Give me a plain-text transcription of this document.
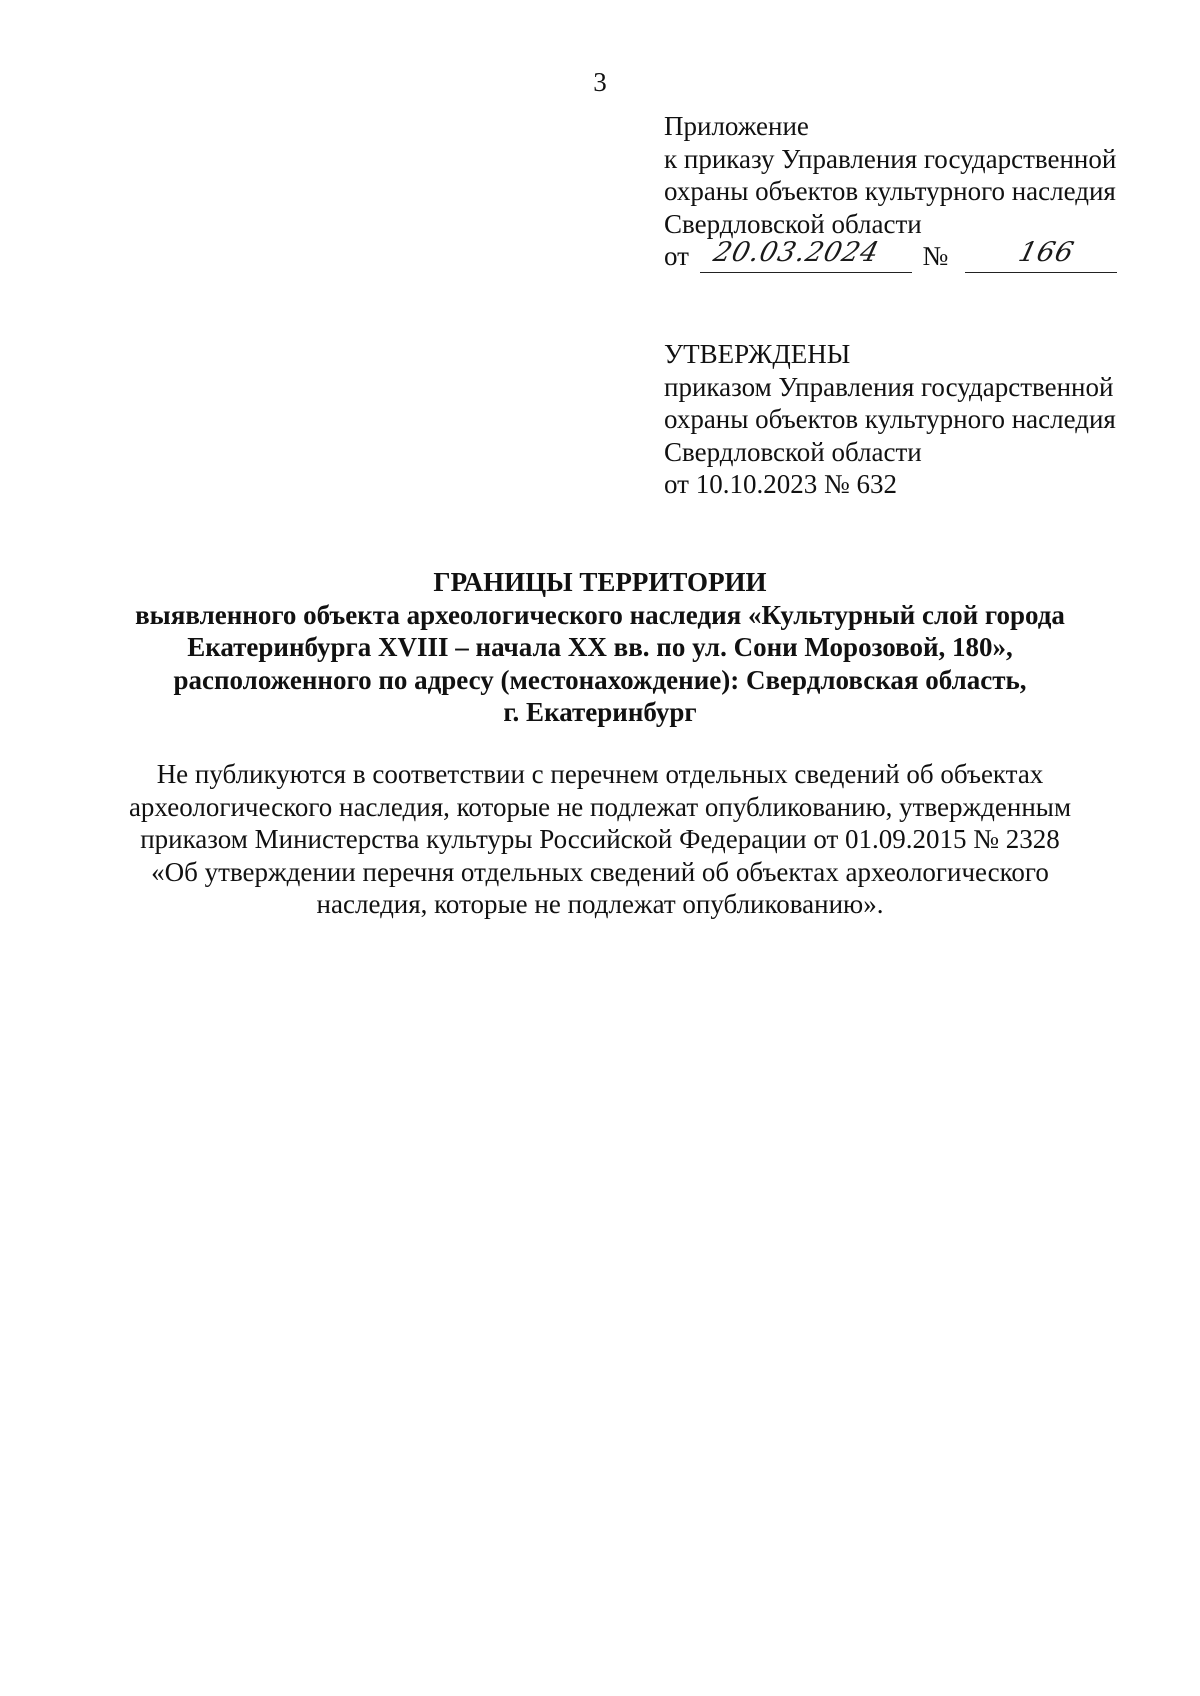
3
Приложение
к приказу Управления государственной
охраны объектов культурного наследия
Свердловской области
от 20.03.2024 № 166
УТВЕРЖДЕНЫ
приказом Управления государственной
охраны объектов культурного наследия
Свердловской области
от 10.10.2023 № 632
ГРАНИЦЫ ТЕРРИТОРИИ
выявленного объекта археологического наследия «Культурный слой города
Екатеринбурга XVIII – начала XX вв. по ул. Сони Морозовой, 180»,
расположенного по адресу (местонахождение): Свердловская область,
г. Екатеринбург
Не публикуются в соответствии с перечнем отдельных сведений об объектах
археологического наследия, которые не подлежат опубликованию, утвержденным
приказом Министерства культуры Российской Федерации от 01.09.2015 № 2328
«Об утверждении перечня отдельных сведений об объектах археологического
наследия, которые не подлежат опубликованию».
